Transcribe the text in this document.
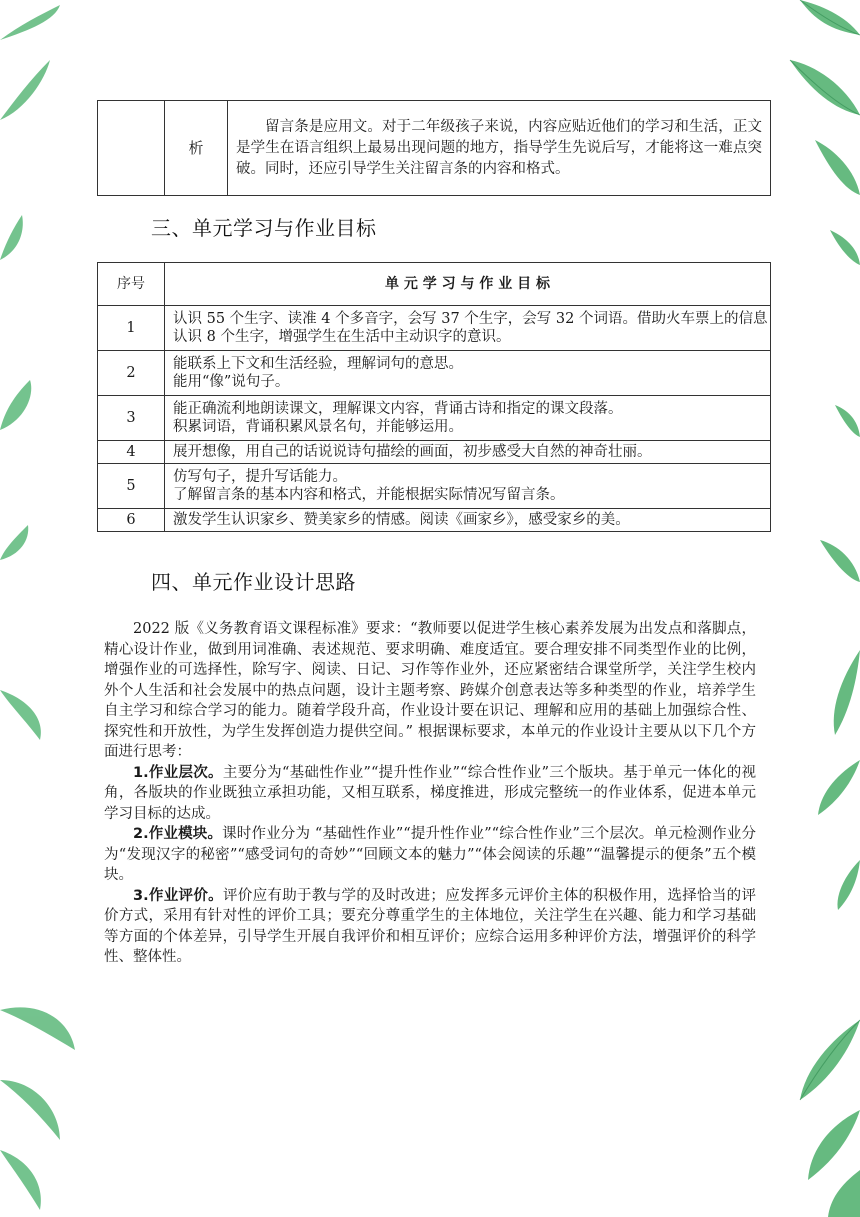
	析	留言条是应用文。对于二年级孩子来说，内容应贴近他们的学习和生活，正文是学生在语言组织上最易出现问题的地方，指导学生先说后写，才能将这一难点突破。同时，还应引导学生关注留言条的内容和格式。
三、单元学习与作业目标
序号	单 元 学 习 与 作 业 目 标
1	认识 55 个生字、读准 4 个多音字，会写 37 个生字，会写 32 个词语。借助火车票上的信息认识 8 个生字，增强学生在生活中主动识字的意识。
2	能联系上下文和生活经验，理解词句的意思。
能用“像”说句子。

3	能正确流利地朗读课文，理解课文内容，背诵古诗和指定的课文段落。
积累词语，背诵积累风景名句，并能够运用。

4	展开想像，用自己的话说说诗句描绘的画面，初步感受大自然的神奇壮丽。
5	仿写句子，提升写话能力。
了解留言条的基本内容和格式，并能根据实际情况写留言条。

6	激发学生认识家乡、赞美家乡的情感。阅读《画家乡》，感受家乡的美。
四、单元作业设计思路

2022 版《义务教育语文课程标准》要求：“教师要以促进学生核心素养发展为出发点和落脚点，精心设计作业，做到用词准确、表述规范、要求明确、难度适宜。要合理安排不同类型作业的比例，增强作业的可选择性，除写字、阅读、日记、习作等作业外，还应紧密结合课堂所学，关注学生校内外个人生活和社会发展中的热点问题，设计主题考察、跨媒介创意表达等多种类型的作业，培养学生自主学习和综合学习的能力。随着学段升高，作业设计要在识记、理解和应用的基础上加强综合性、探究性和开放性，为学生发挥创造力提供空间。” 根据课标要求，本单元的作业设计主要从以下几个方面进行思考：

1.作业层次。主要分为“基础性作业”“提升性作业”“综合性作业”三个版块。基于单元一体化的视角，各版块的作业既独立承担功能，又相互联系，梯度推进，形成完整统一的作业体系，促进本单元学习目标的达成。

2.作业模块。课时作业分为 “基础性作业”“提升性作业”“综合性作业”三个层次。单元检测作业分为“发现汉字的秘密”“感受词句的奇妙”“回顾文本的魅力”“体会阅读的乐趣”“温馨提示的便条”五个模块。

3.作业评价。评价应有助于教与学的及时改进；应发挥多元评价主体的积极作用，选择恰当的评价方式，采用有针对性的评价工具；要充分尊重学生的主体地位，关注学生在兴趣、能力和学习基础等方面的个体差异，引导学生开展自我评价和相互评价；应综合运用多种评价方法，增强评价的科学性、整体性。
